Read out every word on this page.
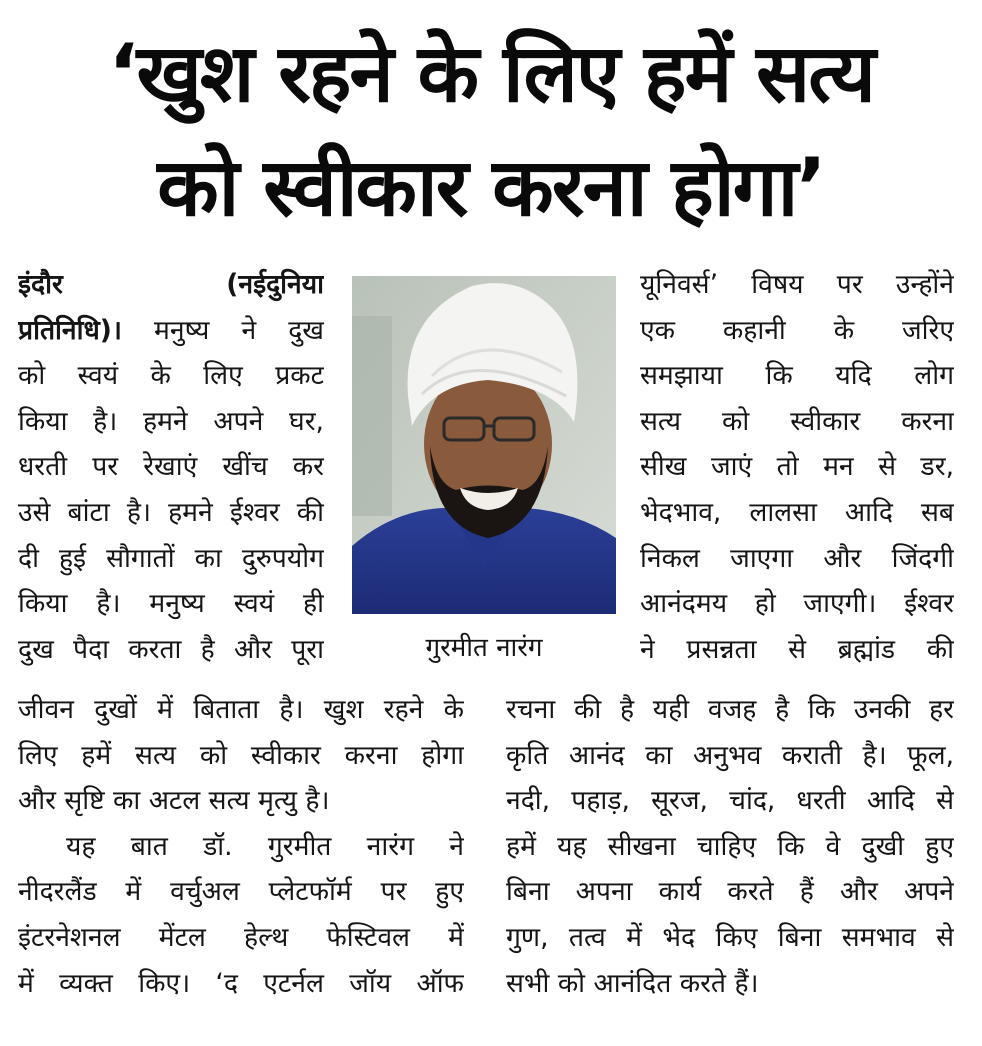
‘खुश रहने के लिए हमें सत्य
को स्वीकार करना होगा’
इंदौर	(नईदुनिया
प्रतिनिधि)। मनुष्य ने दुख
को स्वयं के लिए प्रकट
किया है। हमने अपने घर,
धरती पर रेखाएं खींच कर
उसे बांटा है। हमने ईश्वर की
दी हुई सौगातों का दुरुपयोग
किया है। मनुष्य स्वयं ही
दुख पैदा करता है और पूरा
जीवन दुखों में बिताता है। खुश रहने के
लिए हमें सत्य को स्वीकार करना होगा
और सृष्टि का अटल सत्य मृत्यु है।
यह बात डॉ. गुरमीत नारंग ने
नीदरलैंड में वर्चुअल प्लेटफॉर्म पर हुए
इंटरनेशनल मेंटल हेल्थ फेस्टिवल में
में व्यक्त किए। ‘द एटर्नल जॉय ऑफ
गुरमीत नारंग
यूनिवर्स’ विषय पर उन्होंने
एक कहानी के जरिए
समझाया कि यदि लोग
सत्य को स्वीकार करना
सीख जाएं तो मन से डर,
भेदभाव, लालसा आदि सब
निकल जाएगा और जिंदगी
आनंदमय हो जाएगी। ईश्वर
ने प्रसन्नता से ब्रह्मांड की
रचना की है यही वजह है कि उनकी हर
कृति आनंद का अनुभव कराती है। फूल,
नदी, पहाड़, सूरज, चांद, धरती आदि से
हमें यह सीखना चाहिए कि वे दुखी हुए
बिना अपना कार्य करते हैं और अपने
गुण, तत्व में भेद किए बिना समभाव से
सभी को आनंदित करते हैं।
